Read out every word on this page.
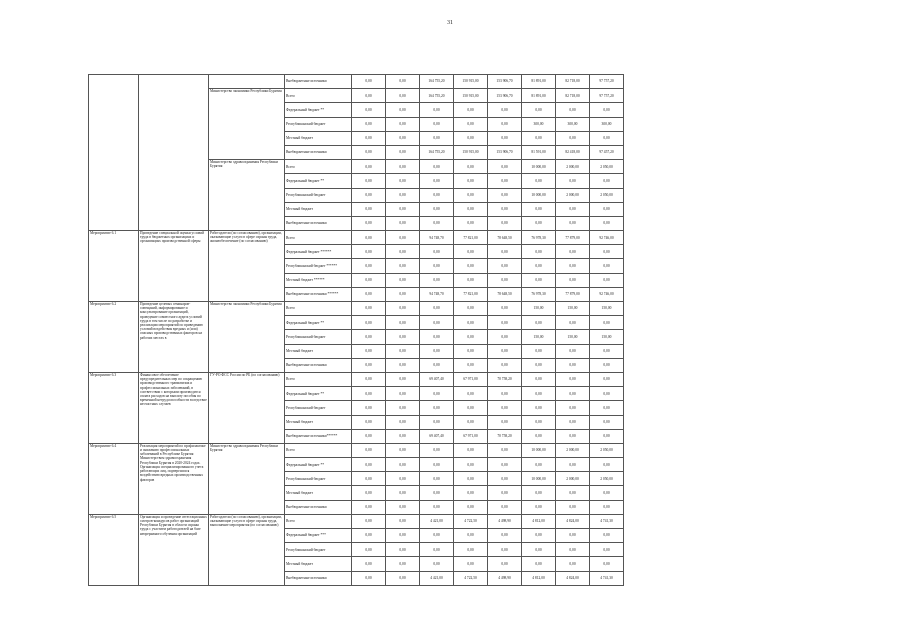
31
			Внебюджетные источники	0,00	0,00	164 755,20	150 915,00	153 906,70	81 891,00	82 718,00	97 757,20
		Министерство экономики Республики Бурятия	Всего	0,00	0,00	164 755,20	150 915,00	153 906,70	81 891,00	82 718,00	97 757,20
			Федеральный бюджет **	0,00	0,00	0,00	0,00	0,00	0,00	0,00	0,00
			Республиканский бюджет	0,00	0,00	0,00	0,00	0,00	300,00	300,00	300,00
			Местный бюджет	0,00	0,00	0,00	0,00	0,00	0,00	0,00	0,00
			Внебюджетные источники	0,00	0,00	164 755,20	150 915,00	153 906,70	81 591,00	82 418,00	97 457,20
		Министерство здравоохранения Республики Бурятия	Всего	0,00	0,00	0,00	0,00	0,00	10 000,00	2 000,00	2 050,00
			Федеральный бюджет **	0,00	0,00	0,00	0,00	0,00	0,00	0,00	0,00
			Республиканский бюджет	0,00	0,00	0,00	0,00	0,00	10 000,00	2 000,00	2 050,00
			Местный бюджет	0,00	0,00	0,00	0,00	0,00	0,00	0,00	0,00
			Внебюджетные источники	0,00	0,00	0,00	0,00	0,00	0,00	0,00	0,00
Мероприятие 6.1	Проведение специальной оценки условий труда в бюджетных организациях и организациях производственной сферы	Работодатели (по согласованию), организации, оказывающие услуги в сфере охраны труда, жизнеобеспечение (по согласованию)	Всего	0,00	0,00	94 748,70	77 821,00	78 648,50	76 978,30	77 879,00	92 746,00
			Федеральный бюджет ******	0,00	0,00	0,00	0,00	0,00	0,00	0,00	0,00
			Республиканский бюджет ******	0,00	0,00	0,00	0,00	0,00	0,00	0,00	0,00
			Местный бюджет ******	0,00	0,00	0,00	0,00	0,00	0,00	0,00	0,00
			Внебюджетные источники ******	0,00	0,00	94 748,70	77 821,00	78 648,50	76 978,30	77 879,00	92 746,00
Мероприятие 6.2	Проведение целевых семинаров-совещаний, информирование и консультирование организаций, проведение совместного аудита условий труда в том числе по разработке и реализации мероприятий по приведению условий воздействия вредных и (или) опасных производственных факторов на рабочих местах в	Министерство экономики Республики Бурятия	Всего	0,00	0,00	0,00	0,00	0,00	150,00	150,00	150,00
			Федеральный бюджет **	0,00	0,00	0,00	0,00	0,00	0,00	0,00	0,00
			Республиканский бюджет	0,00	0,00	0,00	0,00	0,00	150,00	150,00	150,00
			Местный бюджет	0,00	0,00	0,00	0,00	0,00	0,00	0,00	0,00
			Внебюджетные источники	0,00	0,00	0,00	0,00	0,00	0,00	0,00	0,00
Мероприятие 6.3	Финансовое обеспечение предупредительных мер по сокращению производственного травматизма и профессиональных заболеваний, в соответствии с которыми производится оплата расходов на выплату пособия по временной нетрудоспособности вследствие несчастных случаев	ГУ-РО ФСС России по РБ (по согласованию)	Всего	0,00	0,00	69 407,40	67 971,00	70 758,20	0,00	0,00	0,00
			Федеральный бюджет **	0,00	0,00	0,00	0,00	0,00	0,00	0,00	0,00
			Республиканский бюджет	0,00	0,00	0,00	0,00	0,00	0,00	0,00	0,00
			Местный бюджет	0,00	0,00	0,00	0,00	0,00	0,00	0,00	0,00
			Внебюджетные источники******	0,00	0,00	69 407,40	67 971,00	70 758,20	0,00	0,00	0,00
Мероприятие 6.4	Реализация мероприятий по профилактике и снижению профессиональных заболеваний в Республике Бурятия Министерством здравоохранения Республики Бурятия в 2020-2024 годах. Организация специализированного учета работающих лиц, подвергшихся воздействию вредных производственных факторов	Министерство здравоохранения Республики Бурятия	Всего	0,00	0,00	0,00	0,00	0,00	10 000,00	2 000,00	2 050,00
			Федеральный бюджет **	0,00	0,00	0,00	0,00	0,00	0,00	0,00	0,00
			Республиканский бюджет	0,00	0,00	0,00	0,00	0,00	10 000,00	2 000,00	2 050,00
			Местный бюджет	0,00	0,00	0,00	0,00	0,00	0,00	0,00	0,00
			Внебюджетные источники	0,00	0,00	0,00	0,00	0,00	0,00	0,00	0,00
Мероприятие 6.5	Организация и проведение аттестационных смотров-конкурсов работ организаций Республики Бурятия в области охраны труда с участием работодателей на базе непрерывного обучения организаций	Работодатели (по согласованию), организации, оказывающие услуги в сфере охраны труда, выполнение мероприятия (по согласованию)	Всего	0,00	0,00	4 421,00	4 722,50	4 498,90	4 812,00	4 824,00	4 741,30
			Федеральный бюджет ***	0,00	0,00	0,00	0,00	0,00	0,00	0,00	0,00
			Республиканский бюджет	0,00	0,00	0,00	0,00	0,00	0,00	0,00	0,00
			Местный бюджет	0,00	0,00	0,00	0,00	0,00	0,00	0,00	0,00
			Внебюджетные источники	0,00	0,00	4 421,00	4 722,50	4 498,90	4 812,00	4 824,00	4 741,30
